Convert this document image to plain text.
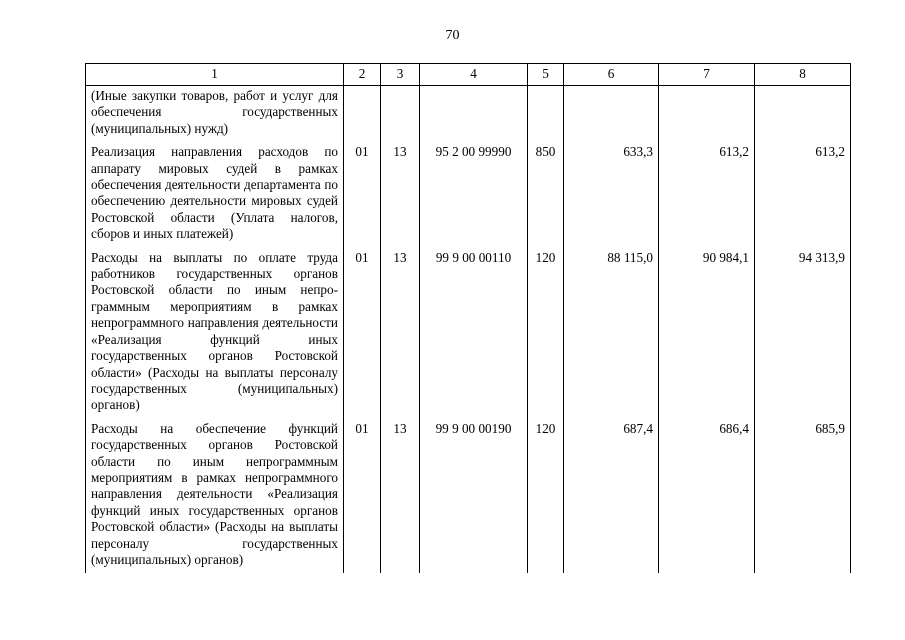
70
1	2	3	4	5	6	7	8
(Иные закупки товаров, работ и услуг для обеспечения государственных (муниципальных) нужд)							
Реализация направления расходов по аппарату мировых судей в рамках обеспечения деятельности департамента по обеспечению деятельности мировых судей Ростовской области (Уплата налогов, сборов и иных платежей)	01	13	95 2 00 99990	850	633,3	613,2	613,2
Расходы на выплаты по оплате труда работников государственных органов Ростовской области по иным непрограммным мероприятиям в рамках непрограммного направления деятельности «Реализация функций иных государственных органов Ростовской области» (Расходы на выплаты персоналу государственных (муниципальных) органов)	01	13	99 9 00 00110	120	88 115,0	90 984,1	94 313,9
Расходы на обеспечение функций государственных органов Ростовской области по иным непрограммным мероприятиям в рамках непрограммного направления деятельности «Реализация функций иных государственных органов Ростовской области» (Расходы на выплаты персоналу государственных (муниципальных) органов)	01	13	99 9 00 00190	120	687,4	686,4	685,9
